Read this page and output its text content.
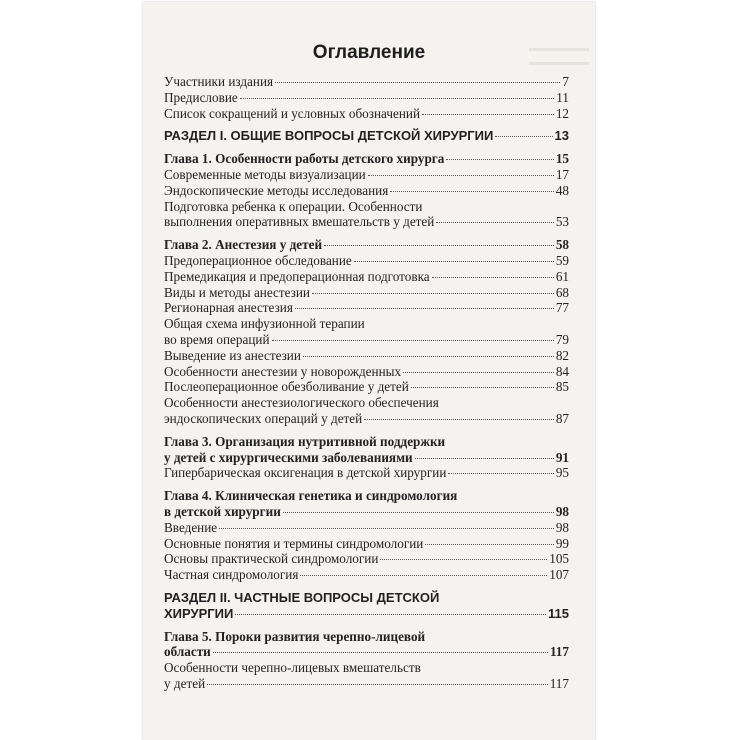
Оглавление
Участники издания	7
Предисловие	11
Список сокращений и условных обозначений	12
РАЗДЕЛ I. ОБЩИЕ ВОПРОСЫ ДЕТСКОЙ ХИРУРГИИ	13
Глава 1. Особенности работы детского хирурга	15
Современные методы визуализации	17
Эндоскопические методы исследования	48
Подготовка ребенка к операции. Особенности
выполнения оперативных вмешательств у детей	53
Глава 2. Анестезия у детей	58
Предоперационное обследование	59
Премедикация и предоперационная подготовка	61
Виды и методы анестезии	68
Регионарная анестезия	77
Общая схема инфузионной терапии
во время операций	79
Выведение из анестезии	82
Особенности анестезии у новорожденных	84
Послеоперационное обезболивание у детей	85
Особенности анестезиологического обеспечения
эндоскопических операций у детей	87
Глава 3. Организация нутритивной поддержки
у детей с хирургическими заболеваниями	91
Гипербарическая оксигенация в детской хирургии	95
Глава 4. Клиническая генетика и синдромология
в детской хирургии	98
Введение	98
Основные понятия и термины синдромологии	99
Основы практической синдромологии	105
Частная синдромология	107
РАЗДЕЛ II. ЧАСТНЫЕ ВОПРОСЫ ДЕТСКОЙ
ХИРУРГИИ	115
Глава 5. Пороки развития черепно-лицевой
области	117
Особенности черепно-лицевых вмешательств
у детей	117
